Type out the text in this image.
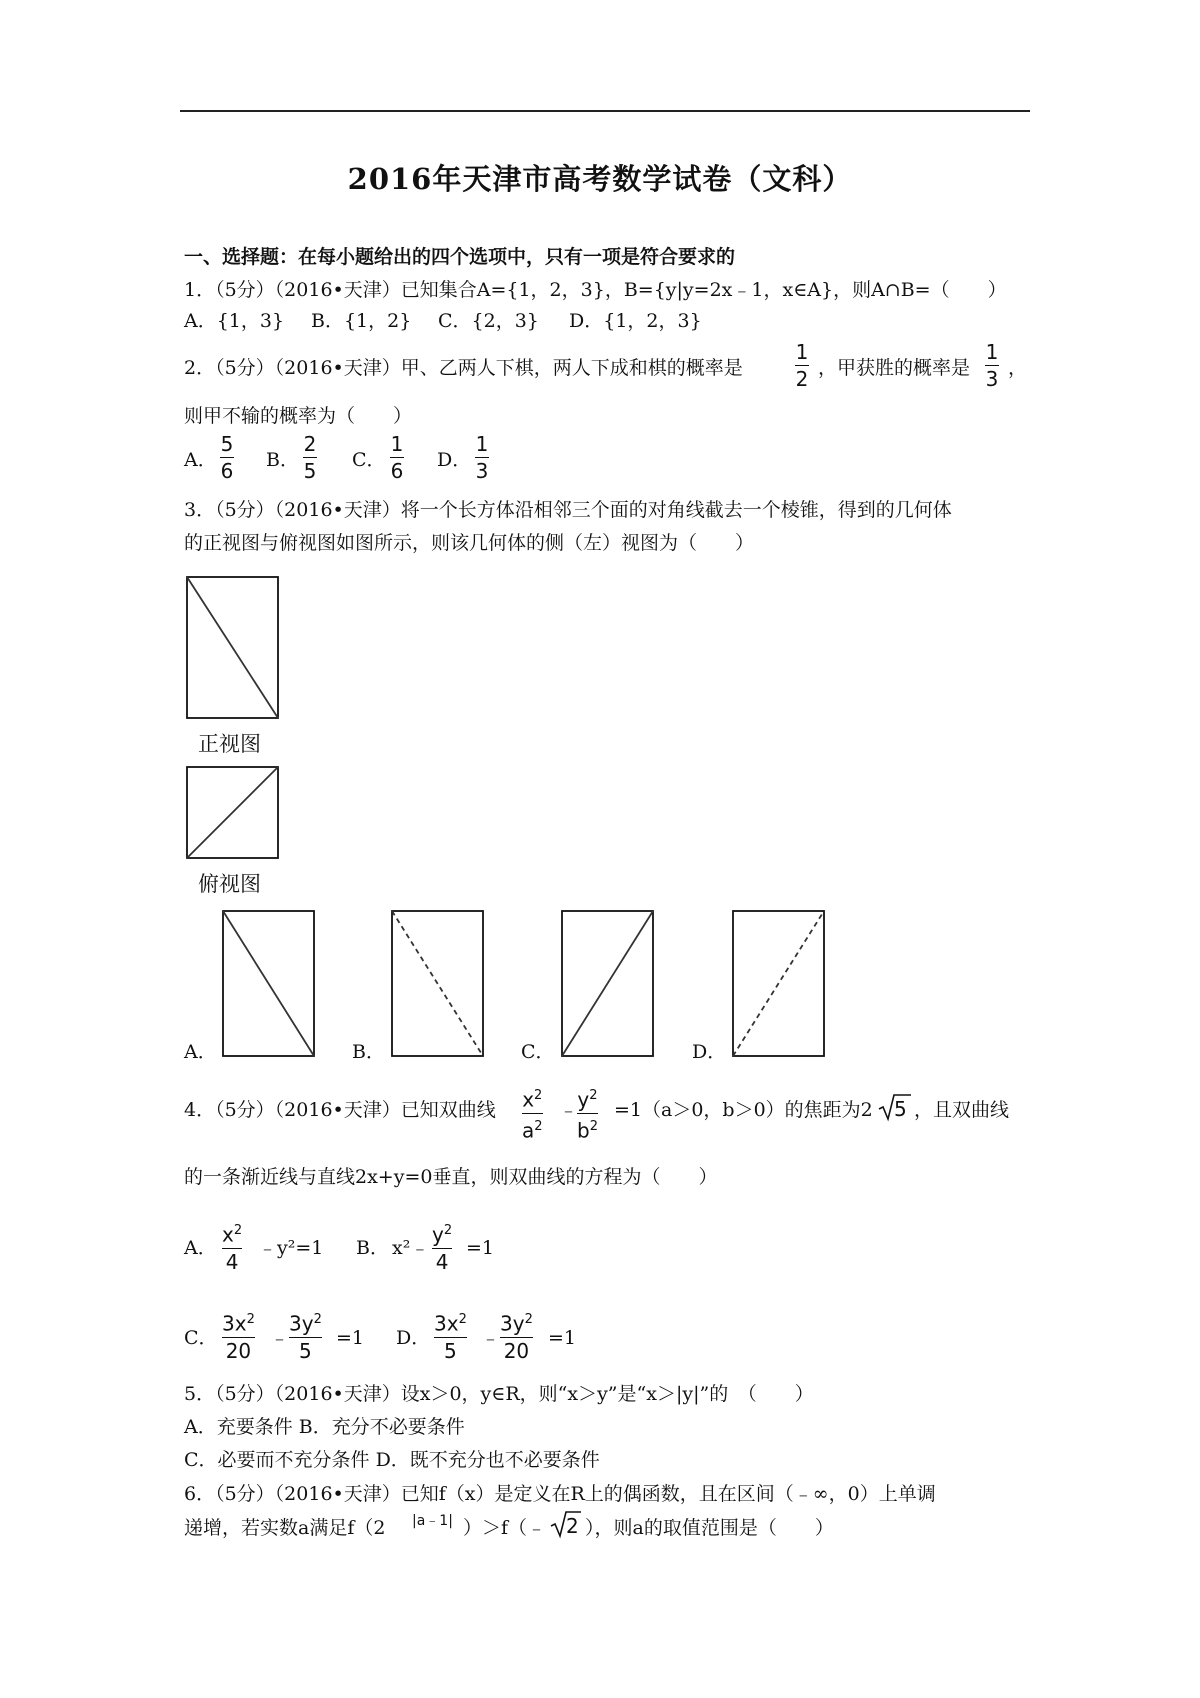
2016年天津市高考数学试卷（文科）
一、选择题：在每小题给出的四个选项中，只有一项是符合要求的
1．（5分）（2016•天津）已知集合A={1，2，3}，B={y|y=2x﹣1，x∈A}，则A∩B=（　　）
A．{1，3} B．{1，2} C．{2，3} D．{1，2，3}
2．（5分）（2016•天津）甲、乙两人下棋，两人下成和棋的概率是
1
2 ，甲获胜的概率是
1
3 ，
则甲不输的概率为（　　）
A．
5
6 B．
2
5 C．
1
6 D．
1
3
3．（5分）（2016•天津）将一个长方体沿相邻三个面的对角线截去一个棱锥，得到的几何体
的正视图与俯视图如图所示，则该几何体的侧（左）视图为（　　）
正视图
俯视图
A．	B．	C．	D．
4．（5分）（2016•天津）已知双曲线 $x^2$
$a^2$
﹣ $y^2$
$b^2$
=1（a＞0，b＞0）的焦距为2 5 ，且双曲线
的一条渐近线与直线2x+y=0垂直，则双曲线的方程为（　　）
A．
$x^2$
4
﹣y²=1 B． x²﹣
$y^2$
4
=1
C．
$3x^2$
20
﹣
$3y^2$
5
=1 D．
$3x^2$
5
﹣
$3y^2$
20
=1
5．（5分）（2016•天津）设x＞0，y∈R，则“x＞y”是“x＞|y|”的　（　　）
A．充要条件 B．充分不必要条件
C．必要而不充分条件 D．既不充分也不必要条件
6．（5分）（2016•天津）已知f（x）是定义在R上的偶函数，且在区间（﹣∞，0）上单调
递增，若实数a满足f（2 |a﹣1| ）＞f（﹣ 2 ），则a的取值范围是（　　）
